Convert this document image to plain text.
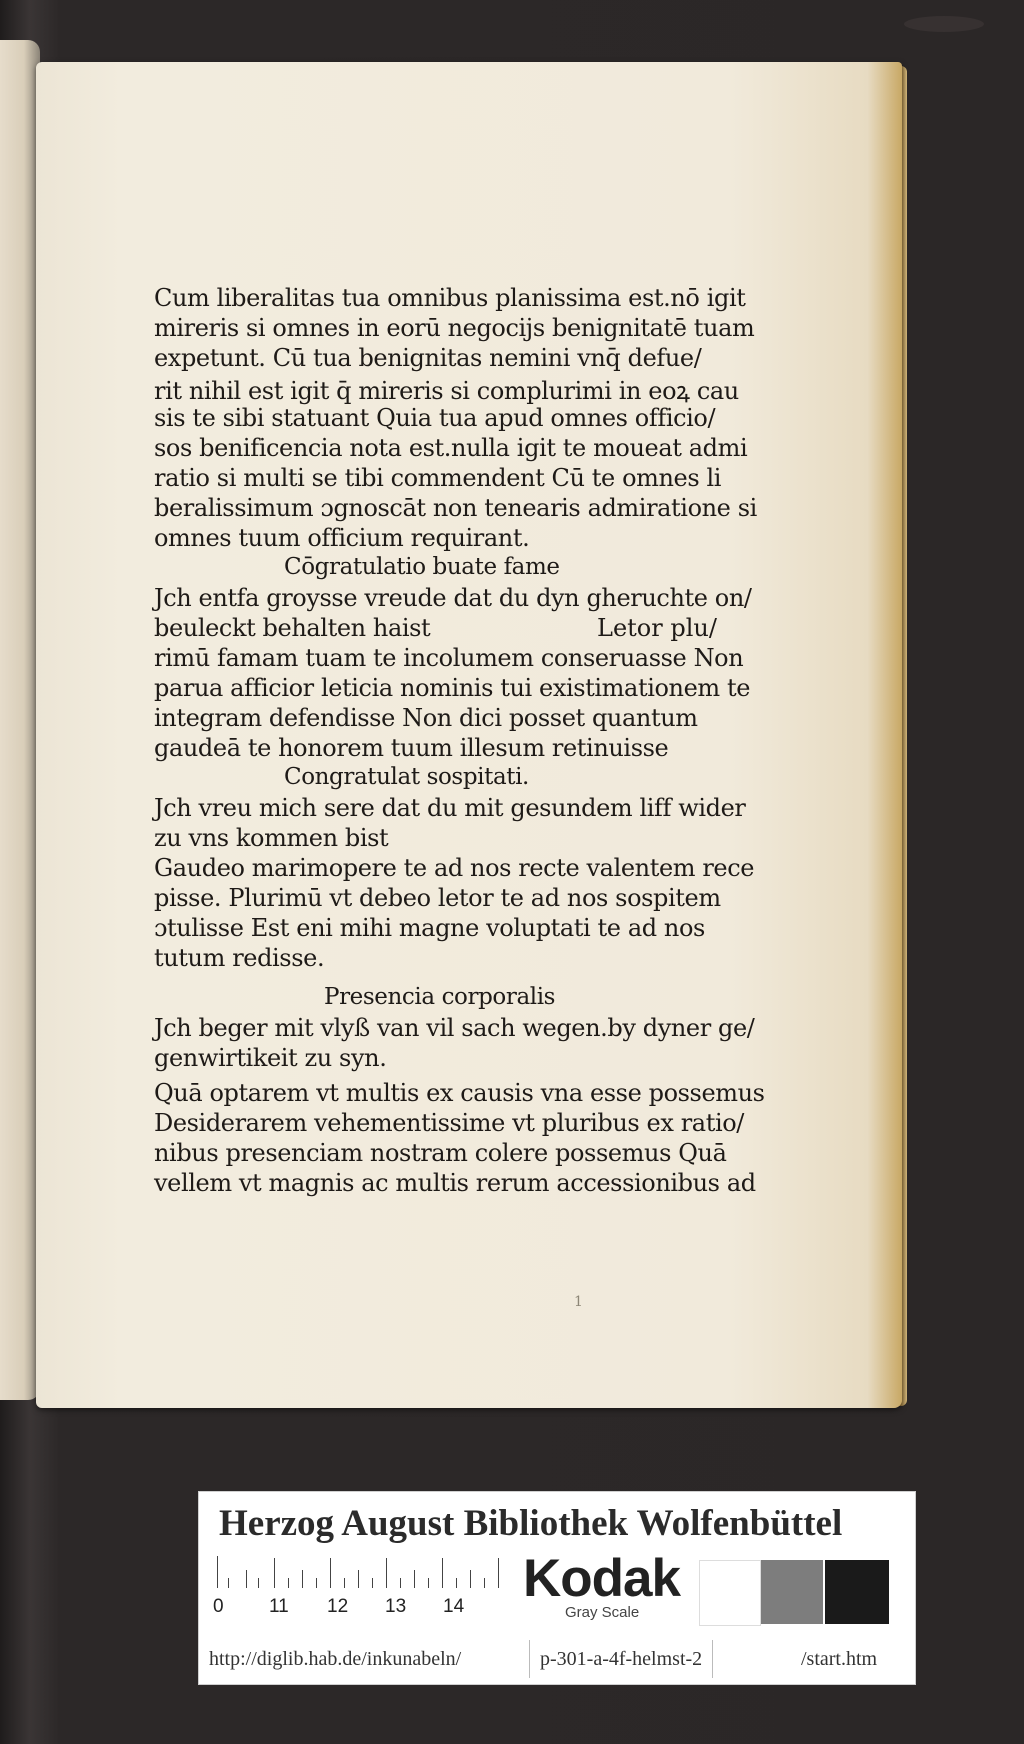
Cum liberalitas tua omnibus planissima est.nō igit
mireris si omnes in eorū negocijs benignitatē tuam
expetunt. Cū tua benignitas nemini vnq̄ defue/
rit nihil est igit q̄ mireris si complurimi in eoꝝ cau
sis te sibi statuant Quia tua apud omnes officio/
sos benificencia nota est.nulla igit te moueat admi
ratio si multi se tibi commendent Cū te omnes li
beralissimum ɔgnoscāt non tenearis admiratione si
omnes tuum officium requirant.
Cōgratulatio buate fame
Jch entfa groysse vreude dat du dyn gheruchte on/
beuleckt behalten haist	Letor plu/
rimū famam tuam te incolumem conseruasse Non
parua afficior leticia nominis tui existimationem te
integram defendisse Non dici posset quantum
gaudeā te honorem tuum illesum retinuisse
Congratulat sospitati.
Jch vreu mich sere dat du mit gesundem liff wider
zu vns kommen bist
Gaudeo marimopere te ad nos recte valentem rece
pisse. Plurimū vt debeo letor te ad nos sospitem
ɔtulisse Est eni mihi magne voluptati te ad nos
tutum redisse.
Presencia corporalis
Jch beger mit vlyß van vil sach wegen.by dyner ge/
genwirtikeit zu syn.
Quā optarem vt multis ex causis vna esse possemus
Desiderarem vehementissime vt pluribus ex ratio/
nibus presenciam nostram colere possemus Quā
vellem vt magnis ac multis rerum accessionibus ad
1
Herzog August Bibliothek Wolfenbüttel
0 11 12 13 14 Kodak
Gray Scale
http://diglib.hab.de/inkunabeln/	p-301-a-4f-helmst-2	/start.htm
